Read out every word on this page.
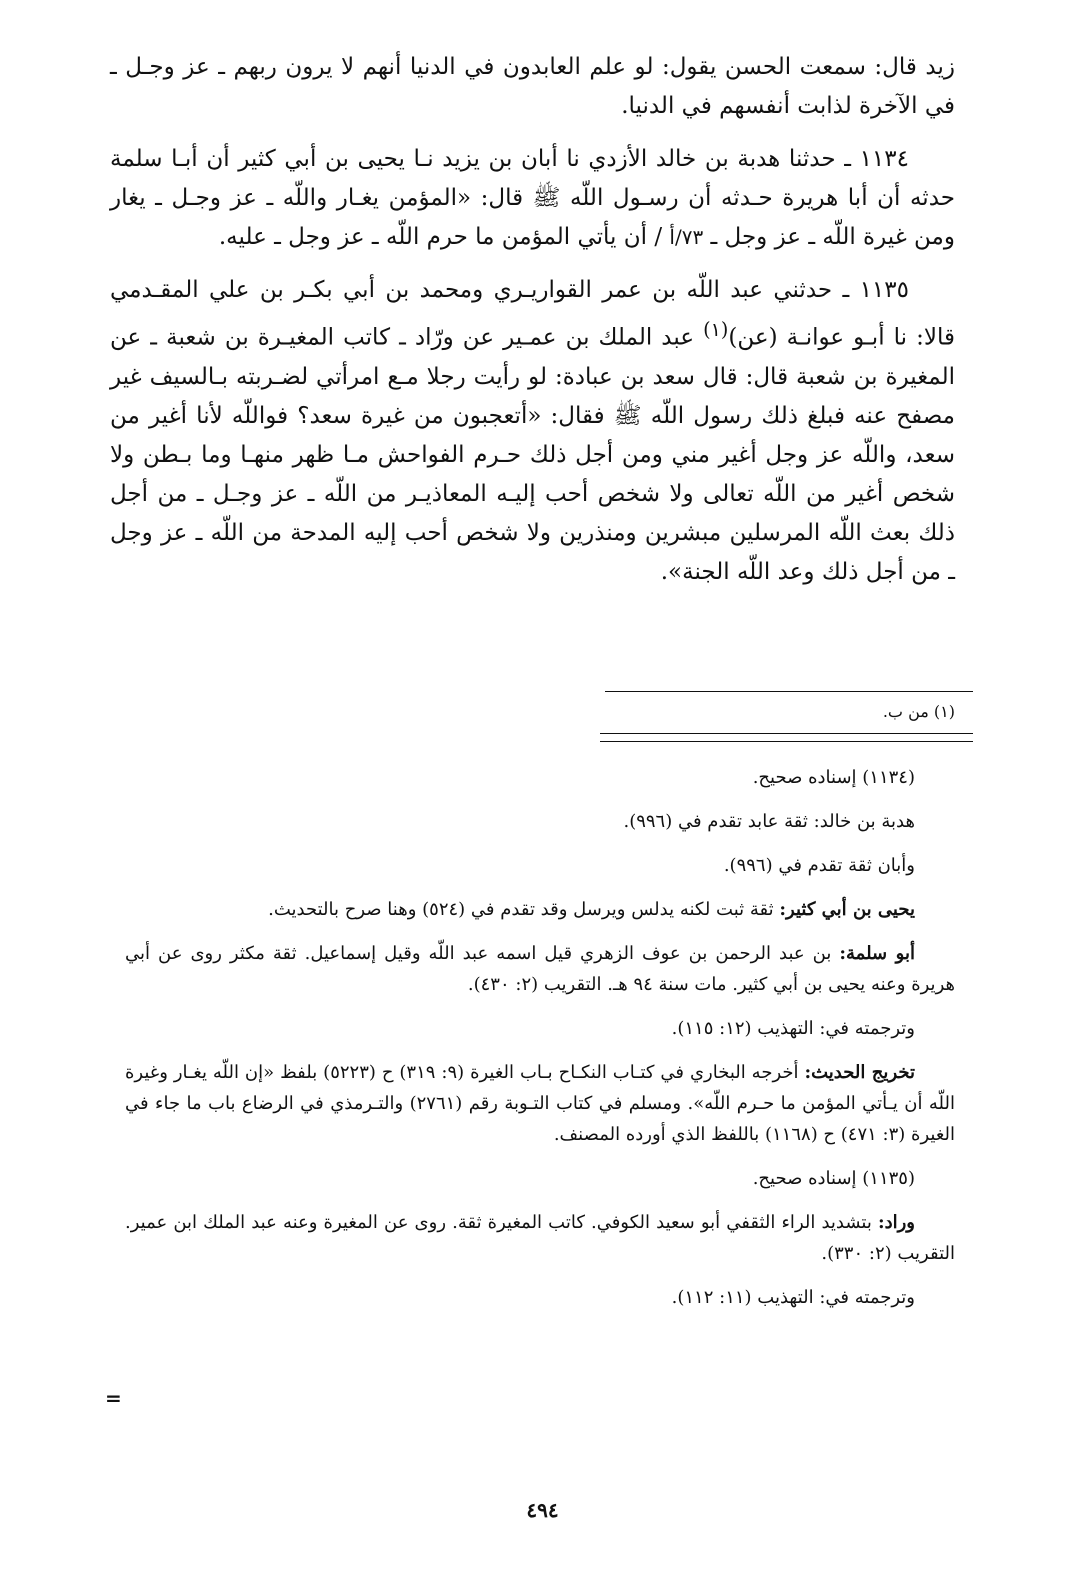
زيد قال: سمعت الحسن يقول: لو علم العابدون في الدنيا أنهم لا يرون ربهم ـ عز وجـل ـ في الآخرة لذابت أنفسهم في الدنيا.

١١٣٤ ـ حدثنا هدبة بن خالد الأزدي نا أبان بن يزيد نـا يحيى بن أبي كثير أن أبـا سلمة حدثه أن أبا هريرة حـدثه أن رسـول اللّه ﷺ قال: «المؤمن يغـار واللّه ـ عز وجـل ـ يغار ومن غيرة اللّه ـ عز وجل ـ ٧٣/أ / أن يأتي المؤمن ما حرم اللّه ـ عز وجل ـ عليه.

١١٣٥ ـ حدثني عبد اللّه بن عمر القواريـري ومحمد بن أبي بكـر بن علي المقـدمي قالا: نا أبـو عوانـة (عن)$^{(١)}$ عبد الملك بن عمـير عن ورّاد ـ كاتب المغيـرة بن شعبة ـ عن المغيرة بن شعبة قال: قال سعد بن عبادة: لو رأيت رجلا مـع امرأتي لضـربته بـالسيف غير مصفح عنه فبلغ ذلك رسول اللّه ﷺ فقال: «أتعجبون من غيرة سعد؟ فواللّه لأنا أغير من سعد، واللّه عز وجل أغير مني ومن أجل ذلك حـرم الفواحش مـا ظهر منهـا وما بـطن ولا شخص أغير من اللّه تعالى ولا شخص أحب إليـه المعاذيـر من اللّه ـ عز وجـل ـ من أجل ذلك بعث اللّه المرسلين مبشرين ومنذرين ولا شخص أحب إليه المدحة من اللّه ـ عز وجل ـ من أجل ذلك وعد اللّه الجنة».

(١) من ب.

(١١٣٤) إسناده صحيح.

هدبة بن خالد: ثقة عابد تقدم في (٩٩٦).

وأبان ثقة تقدم في (٩٩٦).

يحيى بن أبي كثير: ثقة ثبت لكنه يدلس ويرسل وقد تقدم في (٥٢٤) وهنا صرح بالتحديث.

أبو سلمة: بن عبد الرحمن بن عوف الزهري قيل اسمه عبد اللّه وقيل إسماعيل. ثقة مكثر روى عن أبي هريرة وعنه يحيى بن أبي كثير. مات سنة ٩٤ هـ. التقريب (٢: ٤٣٠).

وترجمته في: التهذيب (١٢: ١١٥).

تخريج الحديث: أخرجه البخاري في كتـاب النكـاح بـاب الغيرة (٩: ٣١٩) ح (٥٢٢٣) بلفظ «إن اللّه يغـار وغيرة اللّه أن يـأتي المؤمن ما حـرم اللّه». ومسلم في كتاب التـوبة رقم (٢٧٦١) والتـرمذي في الرضاع باب ما جاء في الغيرة (٣: ٤٧١) ح (١١٦٨) باللفظ الذي أورده المصنف.

(١١٣٥) إسناده صحيح.

وراد: بتشديد الراء الثقفي أبو سعيد الكوفي. كاتب المغيرة ثقة. روى عن المغيرة وعنه عبد الملك ابن عمير. التقريب (٢: ٣٣٠).

وترجمته في: التهذيب (١١: ١١٢).

=
٤٩٤
